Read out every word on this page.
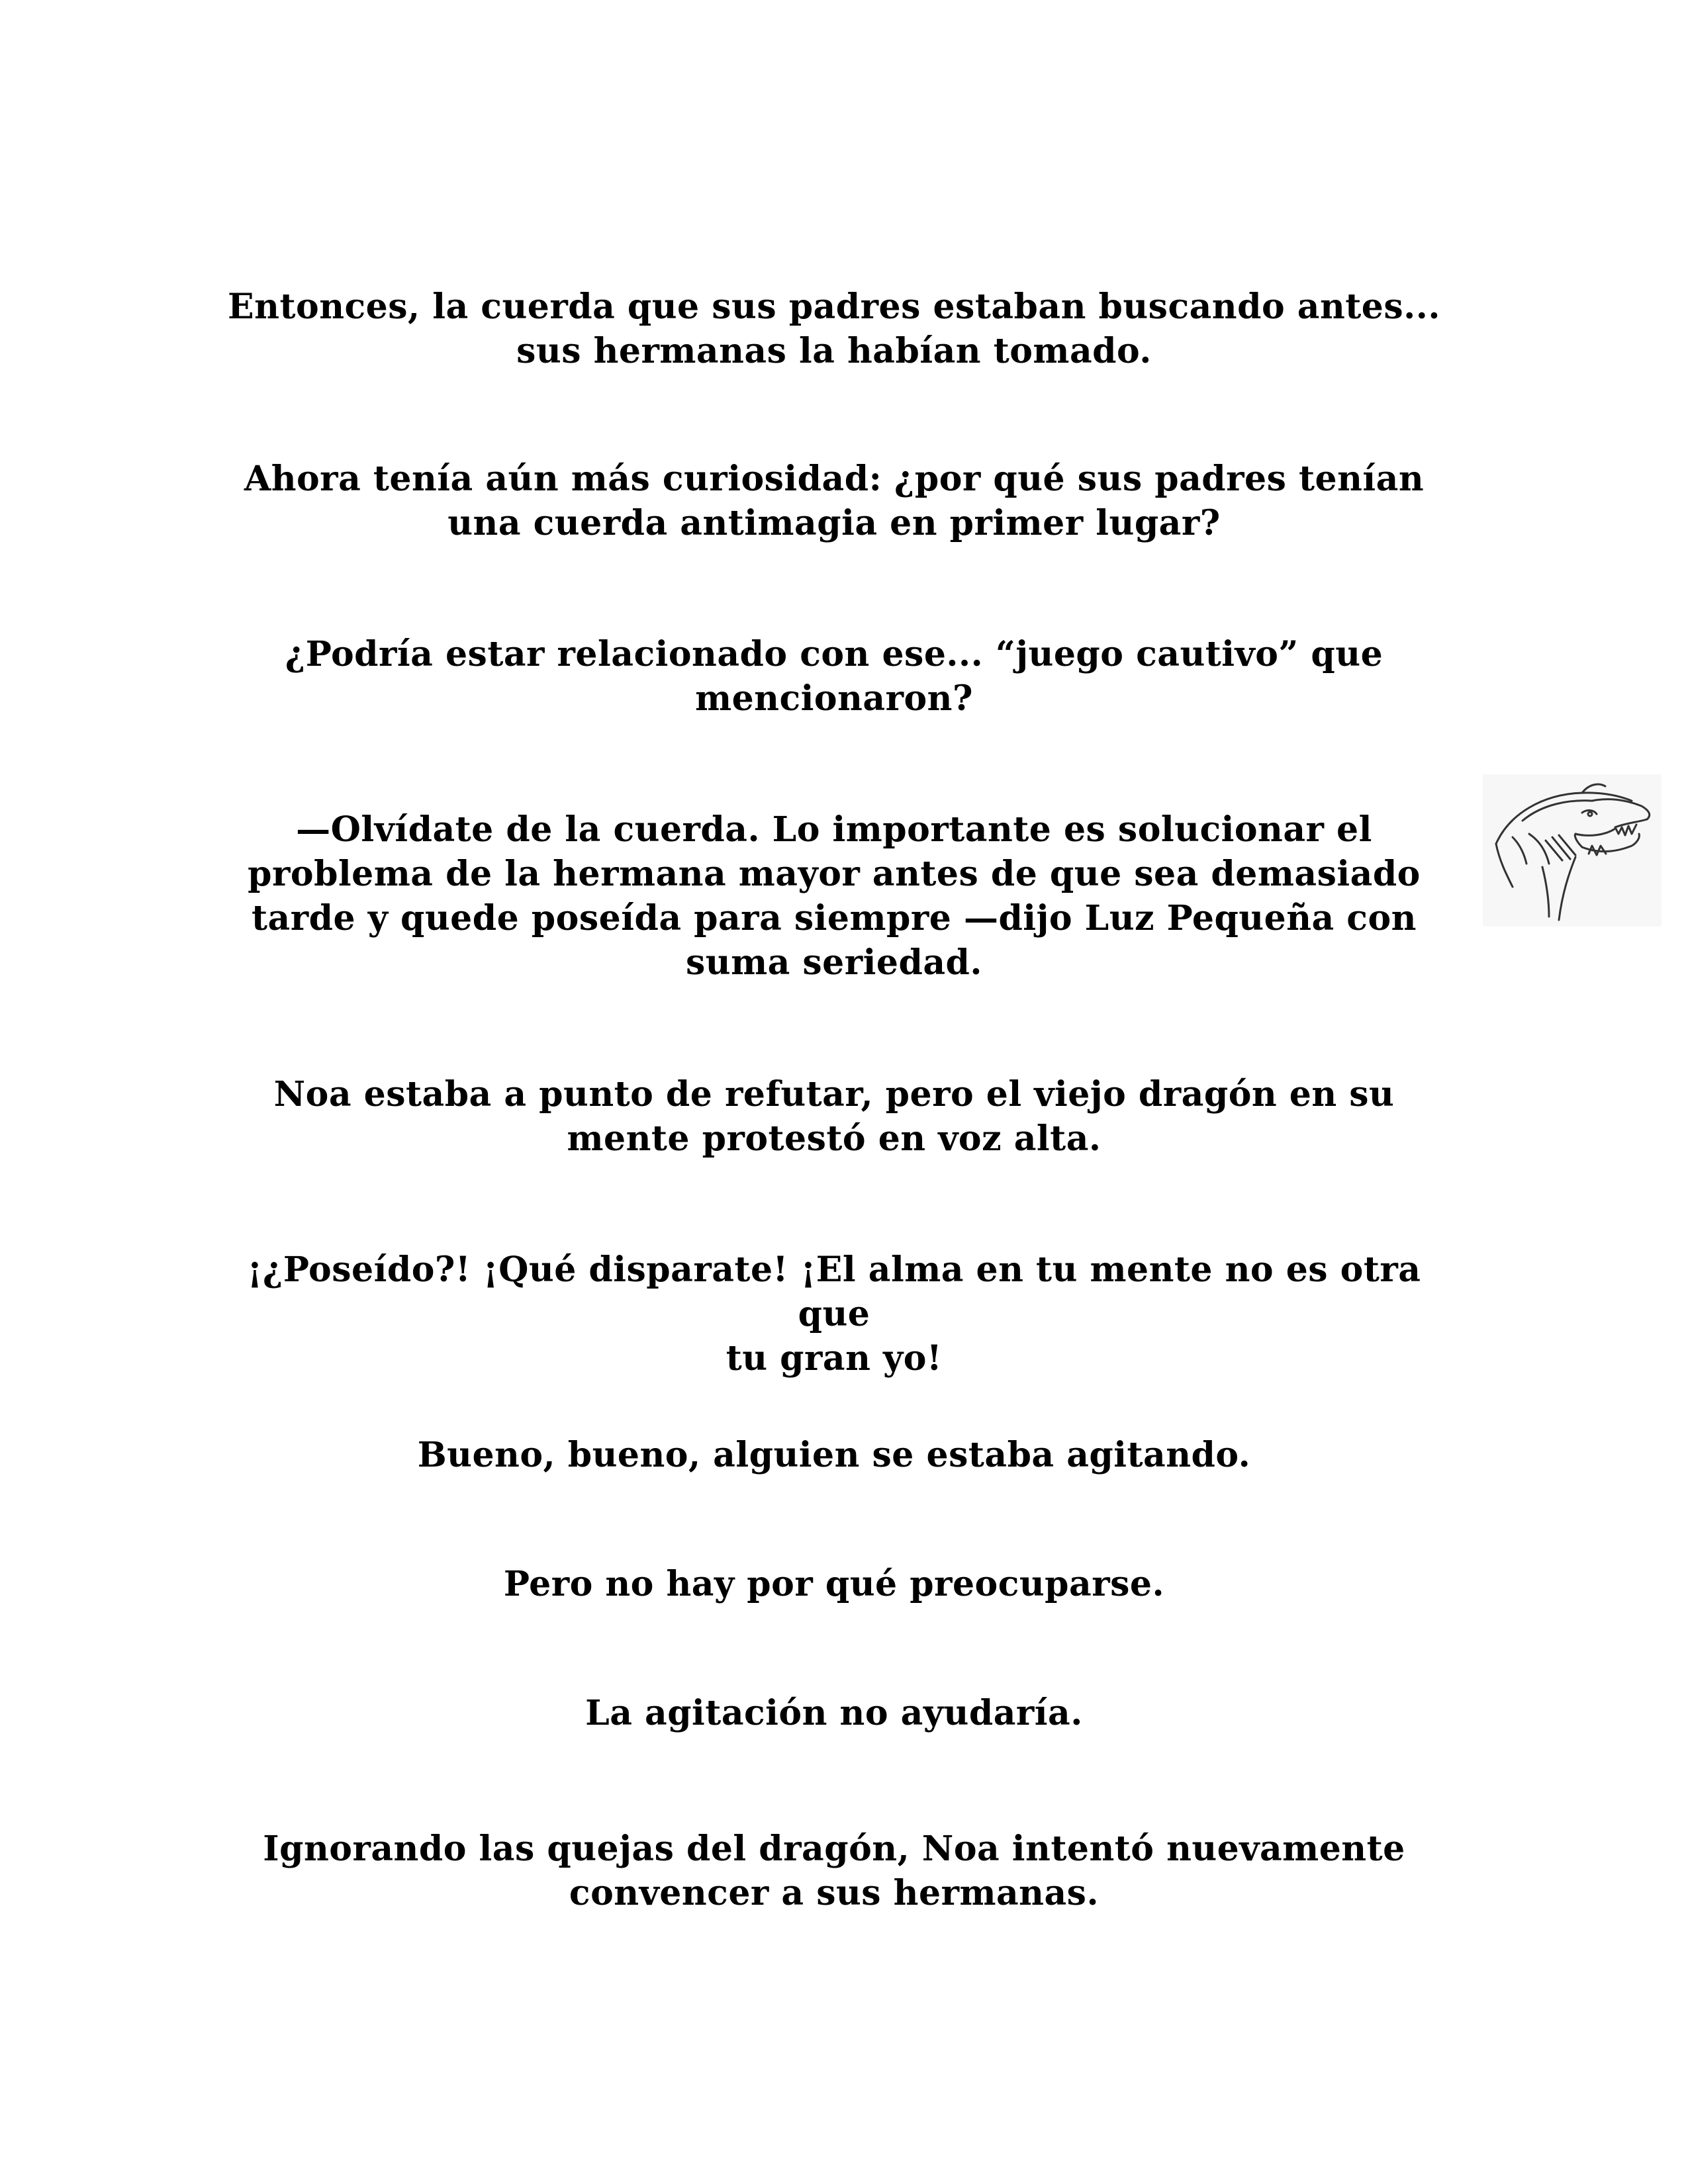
Entonces, la cuerda que sus padres estaban buscando antes...
sus hermanas la habían tomado.

Ahora tenía aún más curiosidad: ¿por qué sus padres tenían
una cuerda antimagia en primer lugar?

¿Podría estar relacionado con ese... “juego cautivo” que
mencionaron?

—Olvídate de la cuerda. Lo importante es solucionar el
problema de la hermana mayor antes de que sea demasiado
tarde y quede poseída para siempre —dijo Luz Pequeña con
suma seriedad.

Noa estaba a punto de refutar, pero el viejo dragón en su
mente protestó en voz alta.

¡¿Poseído?! ¡Qué disparate! ¡El alma en tu mente no es otra que
tu gran yo!

Bueno, bueno, alguien se estaba agitando.

Pero no hay por qué preocuparse.

La agitación no ayudaría.

Ignorando las quejas del dragón, Noa intentó nuevamente
convencer a sus hermanas.
